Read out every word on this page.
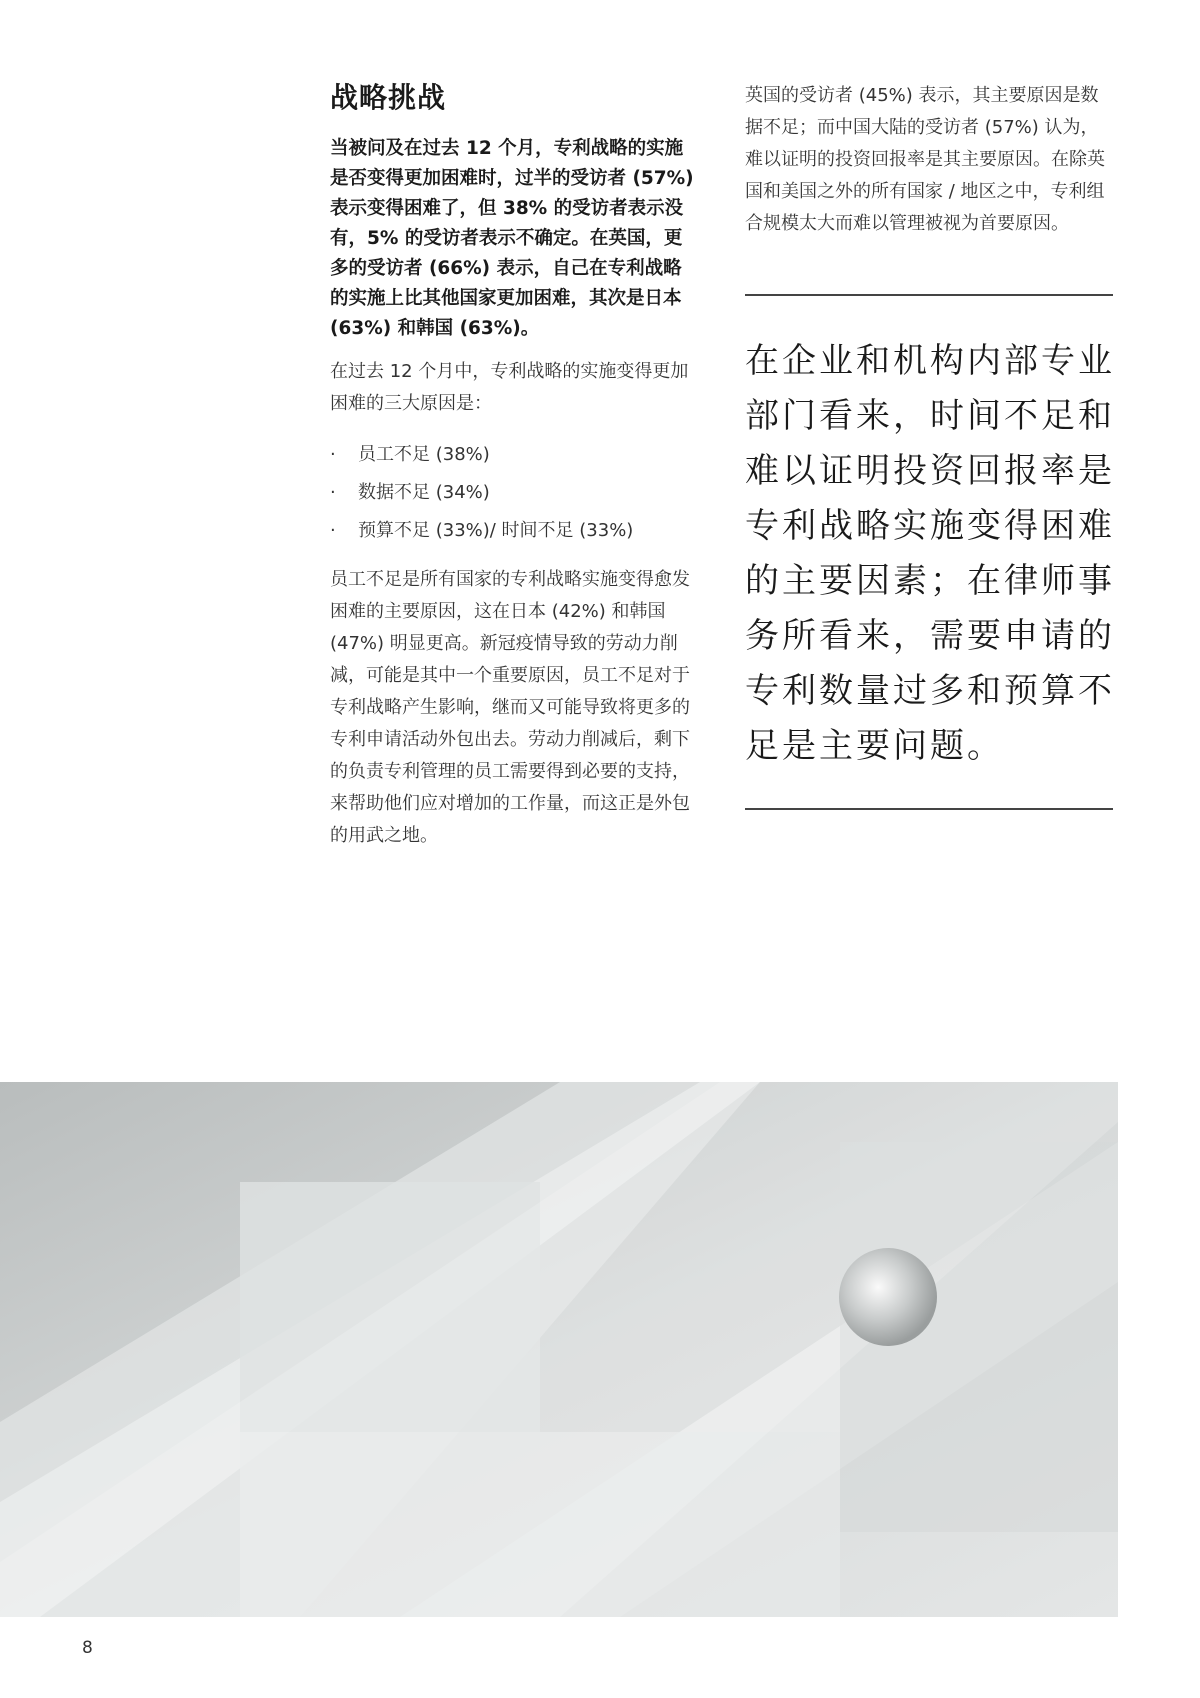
战略挑战

当被问及在过去 12 个月，专利战略的实施是否变得更加困难时，过半的受访者 (57%) 表示变得困难了，但 38% 的受访者表示没有，5% 的受访者表示不确定。在英国，更多的受访者 (66%) 表示，自己在专利战略的实施上比其他国家更加困难，其次是日本 (63%) 和韩国 (63%)。

在过去 12 个月中，专利战略的实施变得更加困难的三大原因是：

· 员工不足 (38%)
· 数据不足 (34%)
· 预算不足 (33%)/ 时间不足 (33%)

员工不足是所有国家的专利战略实施变得愈发困难的主要原因，这在日本 (42%) 和韩国 (47%) 明显更高。新冠疫情导致的劳动力削减，可能是其中一个重要原因，员工不足对于专利战略产生影响，继而又可能导致将更多的专利申请活动外包出去。劳动力削减后，剩下的负责专利管理的员工需要得到必要的支持，来帮助他们应对增加的工作量，而这正是外包的用武之地。

英国的受访者 (45%) 表示，其主要原因是数据不足；而中国大陆的受访者 (57%) 认为，难以证明的投资回报率是其主要原因。在除英国和美国之外的所有国家 / 地区之中，专利组合规模太大而难以管理被视为首要原因。

在企业和机构内部专业部门看来，时间不足和难以证明投资回报率是专利战略实施变得困难的主要因素；在律师事务所看来，需要申请的专利数量过多和预算不足是主要问题。

8
